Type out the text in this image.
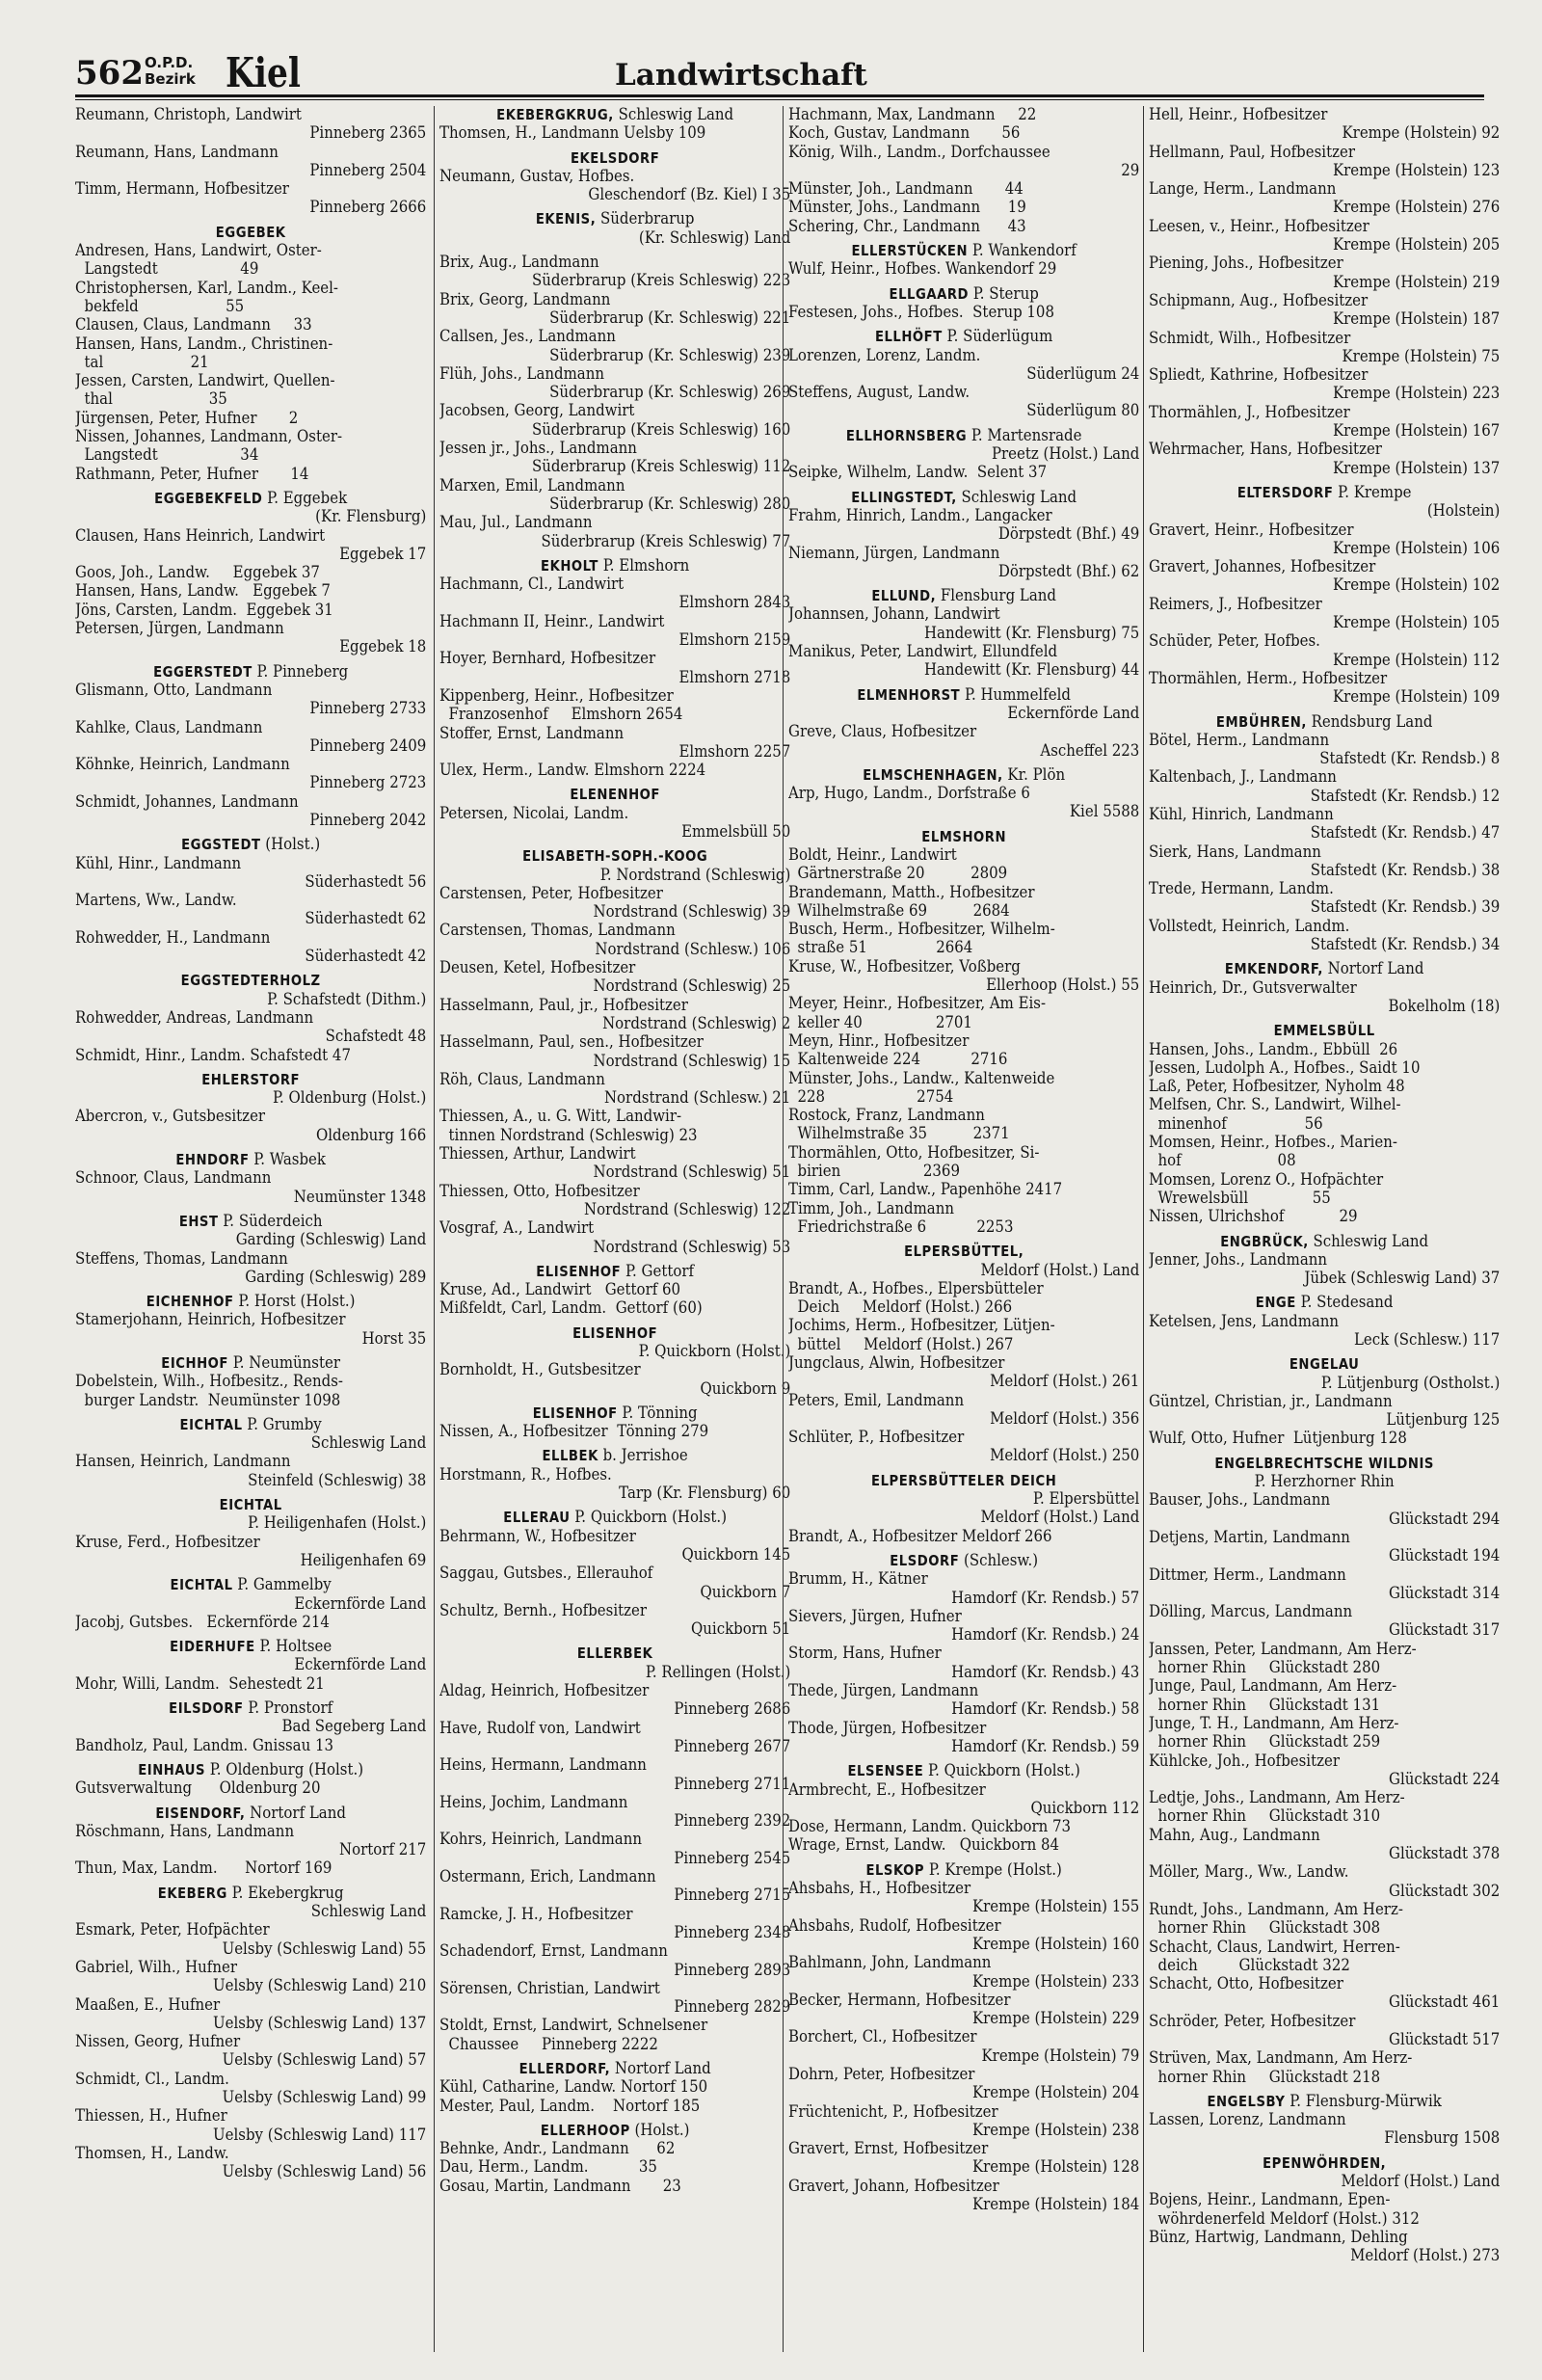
562 O.P.D.
Bezirk Kiel	Landwirtschaft
Reumann, Christoph, Landwirt
Pinneberg 2365
Reumann, Hans, Landmann
Pinneberg 2504
Timm, Hermann, Hofbesitzer
Pinneberg 2666

EGGEBEK
Andresen, Hans, Landwirt, Oster-
Langstedt                  49
Christophersen, Karl, Landm., Keel-
bekfeld                   55
Clausen, Claus, Landmann     33
Hansen, Hans, Landm., Christinen-
tal                   21
Jessen, Carsten, Landwirt, Quellen-
thal                     35
Jürgensen, Peter, Hufner       2
Nissen, Johannes, Landmann, Oster-
Langstedt                  34
Rathmann, Peter, Hufner       14

EGGEBEKFELD P. Eggebek
(Kr. Flensburg)
Clausen, Hans Heinrich, Landwirt
Eggebek 17
Goos, Joh., Landw.     Eggebek 37
Hansen, Hans, Landw.   Eggebek 7
Jöns, Carsten, Landm.  Eggebek 31
Petersen, Jürgen, Landmann
Eggebek 18

EGGERSTEDT P. Pinneberg
Glismann, Otto, Landmann
Pinneberg 2733
Kahlke, Claus, Landmann
Pinneberg 2409
Köhnke, Heinrich, Landmann
Pinneberg 2723
Schmidt, Johannes, Landmann
Pinneberg 2042

EGGSTEDT (Holst.)
Kühl, Hinr., Landmann
Süderhastedt 56
Martens, Ww., Landw.
Süderhastedt 62
Rohwedder, H., Landmann
Süderhastedt 42

EGGSTEDTERHOLZ
P. Schafstedt (Dithm.)
Rohwedder, Andreas, Landmann
Schafstedt 48
Schmidt, Hinr., Landm. Schafstedt 47

EHLERSTORF
P. Oldenburg (Holst.)
Abercron, v., Gutsbesitzer
Oldenburg 166

EHNDORF P. Wasbek
Schnoor, Claus, Landmann
Neumünster 1348

EHST P. Süderdeich
Garding (Schleswig) Land
Steffens, Thomas, Landmann
Garding (Schleswig) 289

EICHENHOF P. Horst (Holst.)
Stamerjohann, Heinrich, Hofbesitzer
Horst 35

EICHHOF P. Neumünster
Dobelstein, Wilh., Hofbesitz., Rends-
burger Landstr.  Neumünster 1098

EICHTAL P. Grumby
Schleswig Land
Hansen, Heinrich, Landmann
Steinfeld (Schleswig) 38

EICHTAL
P. Heiligenhafen (Holst.)
Kruse, Ferd., Hofbesitzer
Heiligenhafen 69

EICHTAL P. Gammelby
Eckernförde Land
Jacobj, Gutsbes.   Eckernförde 214

EIDERHUFE P. Holtsee
Eckernförde Land
Mohr, Willi, Landm.  Sehestedt 21

EILSDORF P. Pronstorf
Bad Segeberg Land
Bandholz, Paul, Landm. Gnissau 13

EINHAUS P. Oldenburg (Holst.)
Gutsverwaltung      Oldenburg 20

EISENDORF, Nortorf Land
Röschmann, Hans, Landmann
Nortorf 217
Thun, Max, Landm.      Nortorf 169

EKEBERG P. Ekebergkrug
Schleswig Land
Esmark, Peter, Hofpächter
Uelsby (Schleswig Land) 55
Gabriel, Wilh., Hufner
Uelsby (Schleswig Land) 210
Maaßen, E., Hufner
Uelsby (Schleswig Land) 137
Nissen, Georg, Hufner
Uelsby (Schleswig Land) 57
Schmidt, Cl., Landm.
Uelsby (Schleswig Land) 99
Thiessen, H., Hufner
Uelsby (Schleswig Land) 117
Thomsen, H., Landw.
Uelsby (Schleswig Land) 56
EKEBERGKRUG, Schleswig Land
Thomsen, H., Landmann Uelsby 109

EKELSDORF
Neumann, Gustav, Hofbes.
Gleschendorf (Bz. Kiel) I 35

EKENIS, Süderbrarup
(Kr. Schleswig) Land

Brix, Aug., Landmann
Süderbrarup (Kreis Schleswig) 223
Brix, Georg, Landmann
Süderbrarup (Kr. Schleswig) 221
Callsen, Jes., Landmann
Süderbrarup (Kr. Schleswig) 239
Flüh, Johs., Landmann
Süderbrarup (Kr. Schleswig) 269
Jacobsen, Georg, Landwirt
Süderbrarup (Kreis Schleswig) 160
Jessen jr., Johs., Landmann
Süderbrarup (Kreis Schleswig) 112
Marxen, Emil, Landmann
Süderbrarup (Kr. Schleswig) 280
Mau, Jul., Landmann
Süderbrarup (Kreis Schleswig) 77

EKHOLT P. Elmshorn
Hachmann, Cl., Landwirt
Elmshorn 2843
Hachmann II, Heinr., Landwirt
Elmshorn 2159
Hoyer, Bernhard, Hofbesitzer
Elmshorn 2718
Kippenberg, Heinr., Hofbesitzer
Franzosenhof     Elmshorn 2654
Stoffer, Ernst, Landmann
Elmshorn 2257
Ulex, Herm., Landw. Elmshorn 2224

ELENENHOF
Petersen, Nicolai, Landm.
Emmelsbüll 50

ELISABETH-SOPH.-KOOG
P. Nordstrand (Schleswig)
Carstensen, Peter, Hofbesitzer
Nordstrand (Schleswig) 39
Carstensen, Thomas, Landmann
Nordstrand (Schlesw.) 106
Deusen, Ketel, Hofbesitzer
Nordstrand (Schleswig) 25
Hasselmann, Paul, jr., Hofbesitzer
Nordstrand (Schleswig) 2
Hasselmann, Paul, sen., Hofbesitzer
Nordstrand (Schleswig) 15
Röh, Claus, Landmann
Nordstrand (Schlesw.) 21
Thiessen, A., u. G. Witt, Landwir-
tinnen Nordstrand (Schleswig) 23
Thiessen, Arthur, Landwirt
Nordstrand (Schleswig) 51
Thiessen, Otto, Hofbesitzer
Nordstrand (Schleswig) 122
Vosgraf, A., Landwirt
Nordstrand (Schleswig) 53

ELISENHOF P. Gettorf
Kruse, Ad., Landwirt   Gettorf 60
Mißfeldt, Carl, Landm.  Gettorf (60)

ELISENHOF
P. Quickborn (Holst.)
Bornholdt, H., Gutsbesitzer
Quickborn 9

ELISENHOF P. Tönning
Nissen, A., Hofbesitzer  Tönning 279

ELLBEK b. Jerrishoe
Horstmann, R., Hofbes.
Tarp (Kr. Flensburg) 60

ELLERAU P. Quickborn (Holst.)
Behrmann, W., Hofbesitzer
Quickborn 145
Saggau, Gutsbes., Ellerauhof
Quickborn 7
Schultz, Bernh., Hofbesitzer
Quickborn 51

ELLERBEK
P. Rellingen (Holst.)
Aldag, Heinrich, Hofbesitzer
Pinneberg 2686
Have, Rudolf von, Landwirt
Pinneberg 2677
Heins, Hermann, Landmann
Pinneberg 2711
Heins, Jochim, Landmann
Pinneberg 2392
Kohrs, Heinrich, Landmann
Pinneberg 2545
Ostermann, Erich, Landmann
Pinneberg 2715
Ramcke, J. H., Hofbesitzer
Pinneberg 2348
Schadendorf, Ernst, Landmann
Pinneberg 2893
Sörensen, Christian, Landwirt
Pinneberg 2829
Stoldt, Ernst, Landwirt, Schnelsener
Chaussee     Pinneberg 2222

ELLERDORF, Nortorf Land
Kühl, Catharine, Landw. Nortorf 150
Mester, Paul, Landm.    Nortorf 185

ELLERHOOP (Holst.)
Behnke, Andr., Landmann      62
Dau, Herm., Landm.           35
Gosau, Martin, Landmann       23
Hachmann, Max, Landmann     22
Koch, Gustav, Landmann       56
König, Wilh., Landm., Dorfchaussee
29
Münster, Joh., Landmann       44
Münster, Johs., Landmann      19
Schering, Chr., Landmann      43

ELLERSTÜCKEN P. Wankendorf
Wulf, Heinr., Hofbes. Wankendorf 29

ELLGAARD P. Sterup
Festesen, Johs., Hofbes.  Sterup 108

ELLHÖFT P. Süderlügum
Lorenzen, Lorenz, Landm.
Süderlügum 24
Steffens, August, Landw.
Süderlügum 80

ELLHORNSBERG P. Martensrade
Preetz (Holst.) Land
Seipke, Wilhelm, Landw.  Selent 37

ELLINGSTEDT, Schleswig Land
Frahm, Hinrich, Landm., Langacker
Dörpstedt (Bhf.) 49
Niemann, Jürgen, Landmann
Dörpstedt (Bhf.) 62

ELLUND, Flensburg Land
Johannsen, Johann, Landwirt
Handewitt (Kr. Flensburg) 75
Manikus, Peter, Landwirt, Ellundfeld
Handewitt (Kr. Flensburg) 44

ELMENHORST P. Hummelfeld
Eckernförde Land
Greve, Claus, Hofbesitzer
Ascheffel 223

ELMSCHENHAGEN, Kr. Plön
Arp, Hugo, Landm., Dorfstraße 6
Kiel 5588

ELMSHORN
Boldt, Heinr., Landwirt
Gärtnerstraße 20          2809
Brandemann, Matth., Hofbesitzer
Wilhelmstraße 69          2684
Busch, Herm., Hofbesitzer, Wilhelm-
straße 51               2664
Kruse, W., Hofbesitzer, Voßberg
Ellerhoop (Holst.) 55
Meyer, Heinr., Hofbesitzer, Am Eis-
keller 40                2701
Meyn, Hinr., Hofbesitzer
Kaltenweide 224           2716
Münster, Johs., Landw., Kaltenweide
228                    2754
Rostock, Franz, Landmann
Wilhelmstraße 35          2371
Thormählen, Otto, Hofbesitzer, Si-
birien                  2369
Timm, Carl, Landw., Papenhöhe 2417
Timm, Joh., Landmann
Friedrichstraße 6           2253

ELPERSBÜTTEL,
Meldorf (Holst.) Land
Brandt, A., Hofbes., Elpersbütteler
Deich     Meldorf (Holst.) 266
Jochims, Herm., Hofbesitzer, Lütjen-
büttel     Meldorf (Holst.) 267
Jungclaus, Alwin, Hofbesitzer
Meldorf (Holst.) 261
Peters, Emil, Landmann
Meldorf (Holst.) 356
Schlüter, P., Hofbesitzer
Meldorf (Holst.) 250

ELPERSBÜTTELER DEICH
P. Elpersbüttel
Meldorf (Holst.) Land
Brandt, A., Hofbesitzer Meldorf 266

ELSDORF (Schlesw.)
Brumm, H., Kätner
Hamdorf (Kr. Rendsb.) 57
Sievers, Jürgen, Hufner
Hamdorf (Kr. Rendsb.) 24
Storm, Hans, Hufner
Hamdorf (Kr. Rendsb.) 43
Thede, Jürgen, Landmann
Hamdorf (Kr. Rendsb.) 58
Thode, Jürgen, Hofbesitzer
Hamdorf (Kr. Rendsb.) 59

ELSENSEE P. Quickborn (Holst.)
Armbrecht, E., Hofbesitzer
Quickborn 112
Dose, Hermann, Landm. Quickborn 73
Wrage, Ernst, Landw.   Quickborn 84

ELSKOP P. Krempe (Holst.)
Ahsbahs, H., Hofbesitzer
Krempe (Holstein) 155
Ahsbahs, Rudolf, Hofbesitzer
Krempe (Holstein) 160
Bahlmann, John, Landmann
Krempe (Holstein) 233
Becker, Hermann, Hofbesitzer
Krempe (Holstein) 229
Borchert, Cl., Hofbesitzer
Krempe (Holstein) 79
Dohrn, Peter, Hofbesitzer
Krempe (Holstein) 204
Früchtenicht, P., Hofbesitzer
Krempe (Holstein) 238
Gravert, Ernst, Hofbesitzer
Krempe (Holstein) 128
Gravert, Johann, Hofbesitzer
Krempe (Holstein) 184
Hell, Heinr., Hofbesitzer
Krempe (Holstein) 92
Hellmann, Paul, Hofbesitzer
Krempe (Holstein) 123
Lange, Herm., Landmann
Krempe (Holstein) 276
Leesen, v., Heinr., Hofbesitzer
Krempe (Holstein) 205
Piening, Johs., Hofbesitzer
Krempe (Holstein) 219
Schipmann, Aug., Hofbesitzer
Krempe (Holstein) 187
Schmidt, Wilh., Hofbesitzer
Krempe (Holstein) 75
Spliedt, Kathrine, Hofbesitzer
Krempe (Holstein) 223
Thormählen, J., Hofbesitzer
Krempe (Holstein) 167
Wehrmacher, Hans, Hofbesitzer
Krempe (Holstein) 137

ELTERSDORF P. Krempe
(Holstein)
Gravert, Heinr., Hofbesitzer
Krempe (Holstein) 106
Gravert, Johannes, Hofbesitzer
Krempe (Holstein) 102
Reimers, J., Hofbesitzer
Krempe (Holstein) 105
Schüder, Peter, Hofbes.
Krempe (Holstein) 112
Thormählen, Herm., Hofbesitzer
Krempe (Holstein) 109

EMBÜHREN, Rendsburg Land
Bötel, Herm., Landmann
Stafstedt (Kr. Rendsb.) 8
Kaltenbach, J., Landmann
Stafstedt (Kr. Rendsb.) 12
Kühl, Hinrich, Landmann
Stafstedt (Kr. Rendsb.) 47
Sierk, Hans, Landmann
Stafstedt (Kr. Rendsb.) 38
Trede, Hermann, Landm.
Stafstedt (Kr. Rendsb.) 39
Vollstedt, Heinrich, Landm.
Stafstedt (Kr. Rendsb.) 34

EMKENDORF, Nortorf Land
Heinrich, Dr., Gutsverwalter
Bokelholm (18)

EMMELSBÜLL
Hansen, Johs., Landm., Ebbüll  26
Jessen, Ludolph A., Hofbes., Saidt 10
Laß, Peter, Hofbesitzer, Nyholm 48
Melfsen, Chr. S., Landwirt, Wilhel-
minenhof                 56
Momsen, Heinr., Hofbes., Marien-
hof                     08
Momsen, Lorenz O., Hofpächter
Wrewelsbüll              55
Nissen, Ulrichshof            29

ENGBRÜCK, Schleswig Land
Jenner, Johs., Landmann
Jübek (Schleswig Land) 37

ENGE P. Stedesand
Ketelsen, Jens, Landmann
Leck (Schlesw.) 117

ENGELAU
P. Lütjenburg (Ostholst.)
Güntzel, Christian, jr., Landmann
Lütjenburg 125
Wulf, Otto, Hufner  Lütjenburg 128

ENGELBRECHTSCHE WILDNIS
P. Herzhorner Rhin
Bauser, Johs., Landmann
Glückstadt 294
Detjens, Martin, Landmann
Glückstadt 194
Dittmer, Herm., Landmann
Glückstadt 314
Dölling, Marcus, Landmann
Glückstadt 317
Janssen, Peter, Landmann, Am Herz-
horner Rhin     Glückstadt 280
Junge, Paul, Landmann, Am Herz-
horner Rhin     Glückstadt 131
Junge, T. H., Landmann, Am Herz-
horner Rhin     Glückstadt 259
Kühlcke, Joh., Hofbesitzer
Glückstadt 224
Ledtje, Johs., Landmann, Am Herz-
horner Rhin     Glückstadt 310
Mahn, Aug., Landmann
Glückstadt 378
Möller, Marg., Ww., Landw.
Glückstadt 302
Rundt, Johs., Landmann, Am Herz-
horner Rhin     Glückstadt 308
Schacht, Claus, Landwirt, Herren-
deich         Glückstadt 322
Schacht, Otto, Hofbesitzer
Glückstadt 461
Schröder, Peter, Hofbesitzer
Glückstadt 517
Strüven, Max, Landmann, Am Herz-
horner Rhin     Glückstadt 218

ENGELSBY P. Flensburg-Mürwik
Lassen, Lorenz, Landmann
Flensburg 1508

EPENWÖHRDEN,
Meldorf (Holst.) Land
Bojens, Heinr., Landmann, Epen-
wöhrdenerfeld Meldorf (Holst.) 312
Bünz, Hartwig, Landmann, Dehling
Meldorf (Holst.) 273
